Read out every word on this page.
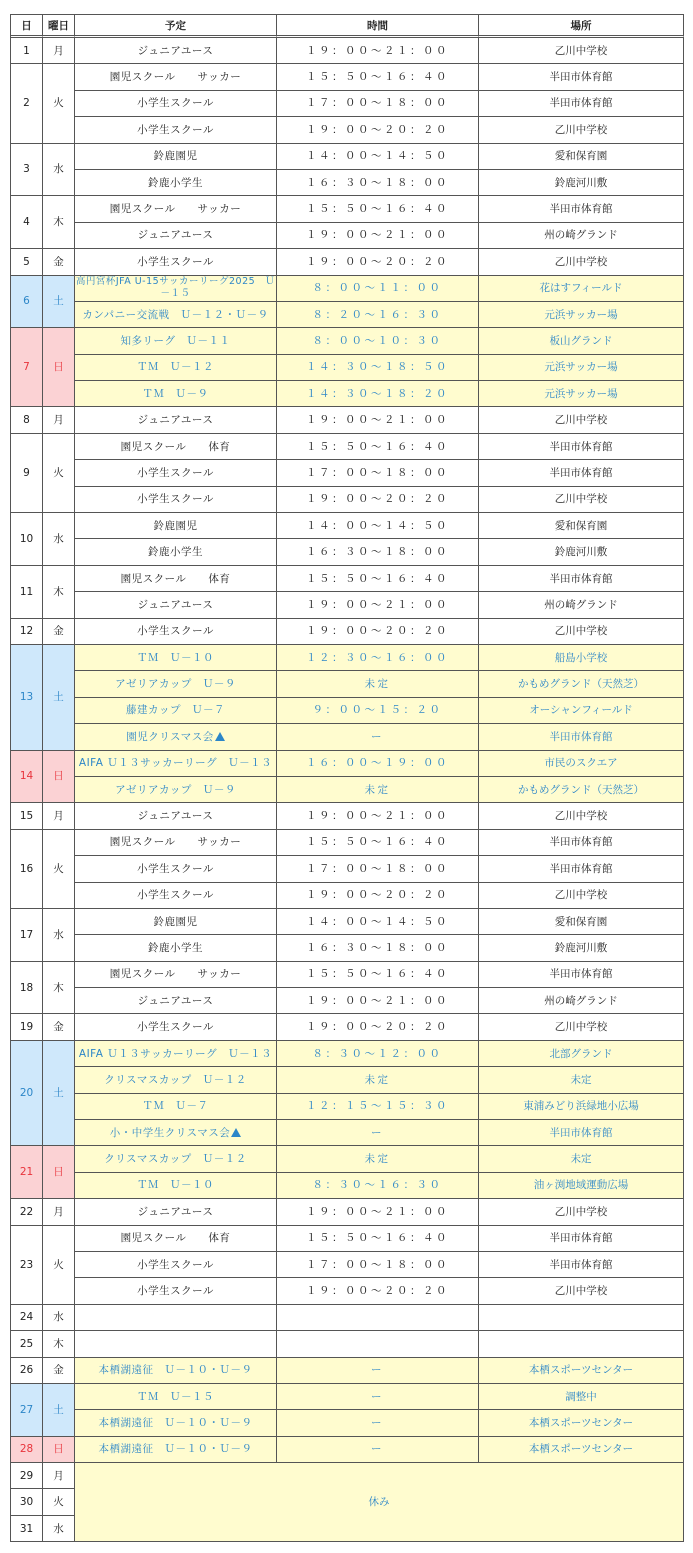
日	曜日	予定	時間	場所
1	月	ジュニアユース	１９：００～２１：００	乙川中学校
2	火	園児スクール　　サッカー	１５：５０～１６：４０	半田市体育館
		小学生スクール	１７：００～１８：００	半田市体育館
		小学生スクール	１９：００～２０：２０	乙川中学校
3	水	鈴鹿園児	１４：００～１４：５０	愛和保育園
		鈴鹿小学生	１６：３０～１８：００	鈴鹿河川敷
4	木	園児スクール　　サッカー	１５：５０～１６：４０	半田市体育館
		ジュニアユース	１９：００～２１：００	州の崎グランド
5	金	小学生スクール	１９：００～２０：２０	乙川中学校
6	土	高円宮杯JFA U-15サッカーリーグ2025　Ｕ－１５	８：００～１１：００	花はすフィールド
		カンパニー交流戦　Ｕ－１２・Ｕ－９	８：２０～１６：３０	元浜サッカー場
7	日	知多リーグ　Ｕ－１１	８：００～１０：３０	板山グランド
		ＴＭ　Ｕ－１２	１４：３０～１８：５０	元浜サッカー場
		ＴＭ　Ｕ－９	１４：３０～１８：２０	元浜サッカー場
8	月	ジュニアユース	１９：００～２１：００	乙川中学校
9	火	園児スクール　　体育	１５：５０～１６：４０	半田市体育館
		小学生スクール	１７：００～１８：００	半田市体育館
		小学生スクール	１９：００～２０：２０	乙川中学校
10	水	鈴鹿園児	１４：００～１４：５０	愛和保育園
		鈴鹿小学生	１６：３０～１８：００	鈴鹿河川敷
11	木	園児スクール　　体育	１５：５０～１６：４０	半田市体育館
		ジュニアユース	１９：００～２１：００	州の崎グランド
12	金	小学生スクール	１９：００～２０：２０	乙川中学校
13	土	ＴＭ　Ｕ－１０	１２：３０～１６：００	船島小学校
		アゼリアカップ　Ｕ－９	未定	かもめグランド（天然芝）
		藤建カップ　Ｕ－７	９：００～１５：２０	オーシャンフィールド
		園児クリスマス会	ー	半田市体育館
14	日	AIFA Ｕ１３サッカーリーグ　Ｕ－１３	１６：００～１９：００	市民のスクエア
		アゼリアカップ　Ｕ－９	未定	かもめグランド（天然芝）
15	月	ジュニアユース	１９：００～２１：００	乙川中学校
16	火	園児スクール　　サッカー	１５：５０～１６：４０	半田市体育館
		小学生スクール	１７：００～１８：００	半田市体育館
		小学生スクール	１９：００～２０：２０	乙川中学校
17	水	鈴鹿園児	１４：００～１４：５０	愛和保育園
		鈴鹿小学生	１６：３０～１８：００	鈴鹿河川敷
18	木	園児スクール　　サッカー	１５：５０～１６：４０	半田市体育館
		ジュニアユース	１９：００～２１：００	州の崎グランド
19	金	小学生スクール	１９：００～２０：２０	乙川中学校
20	土	AIFA Ｕ１３サッカーリーグ　Ｕ－１３	８：３０～１２：００	北部グランド
		クリスマスカップ　Ｕ－１２	未定	未定
		ＴＭ　Ｕ－７	１２：１５～１５：３０	東浦みどり浜緑地小広場
		小・中学生クリスマス会	ー	半田市体育館
21	日	クリスマスカップ　Ｕ－１２	未定	未定
		ＴＭ　Ｕ－１０	８：３０～１６：３０	油ヶ渕地域運動広場
22	月	ジュニアユース	１９：００～２１：００	乙川中学校
23	火	園児スクール　　体育	１５：５０～１６：４０	半田市体育館
		小学生スクール	１７：００～１８：００	半田市体育館
		小学生スクール	１９：００～２０：２０	乙川中学校
24	水			
25	木			
26	金	本栖湖遠征　Ｕ－１０・Ｕ－９	ー	本栖スポーツセンター
27	土	ＴＭ　Ｕ－１５	ー	調整中
		本栖湖遠征　Ｕ－１０・Ｕ－９	ー	本栖スポーツセンター
28	日	本栖湖遠征　Ｕ－１０・Ｕ－９	ー	本栖スポーツセンター
29	月	休み		
30	火			
31	水			
